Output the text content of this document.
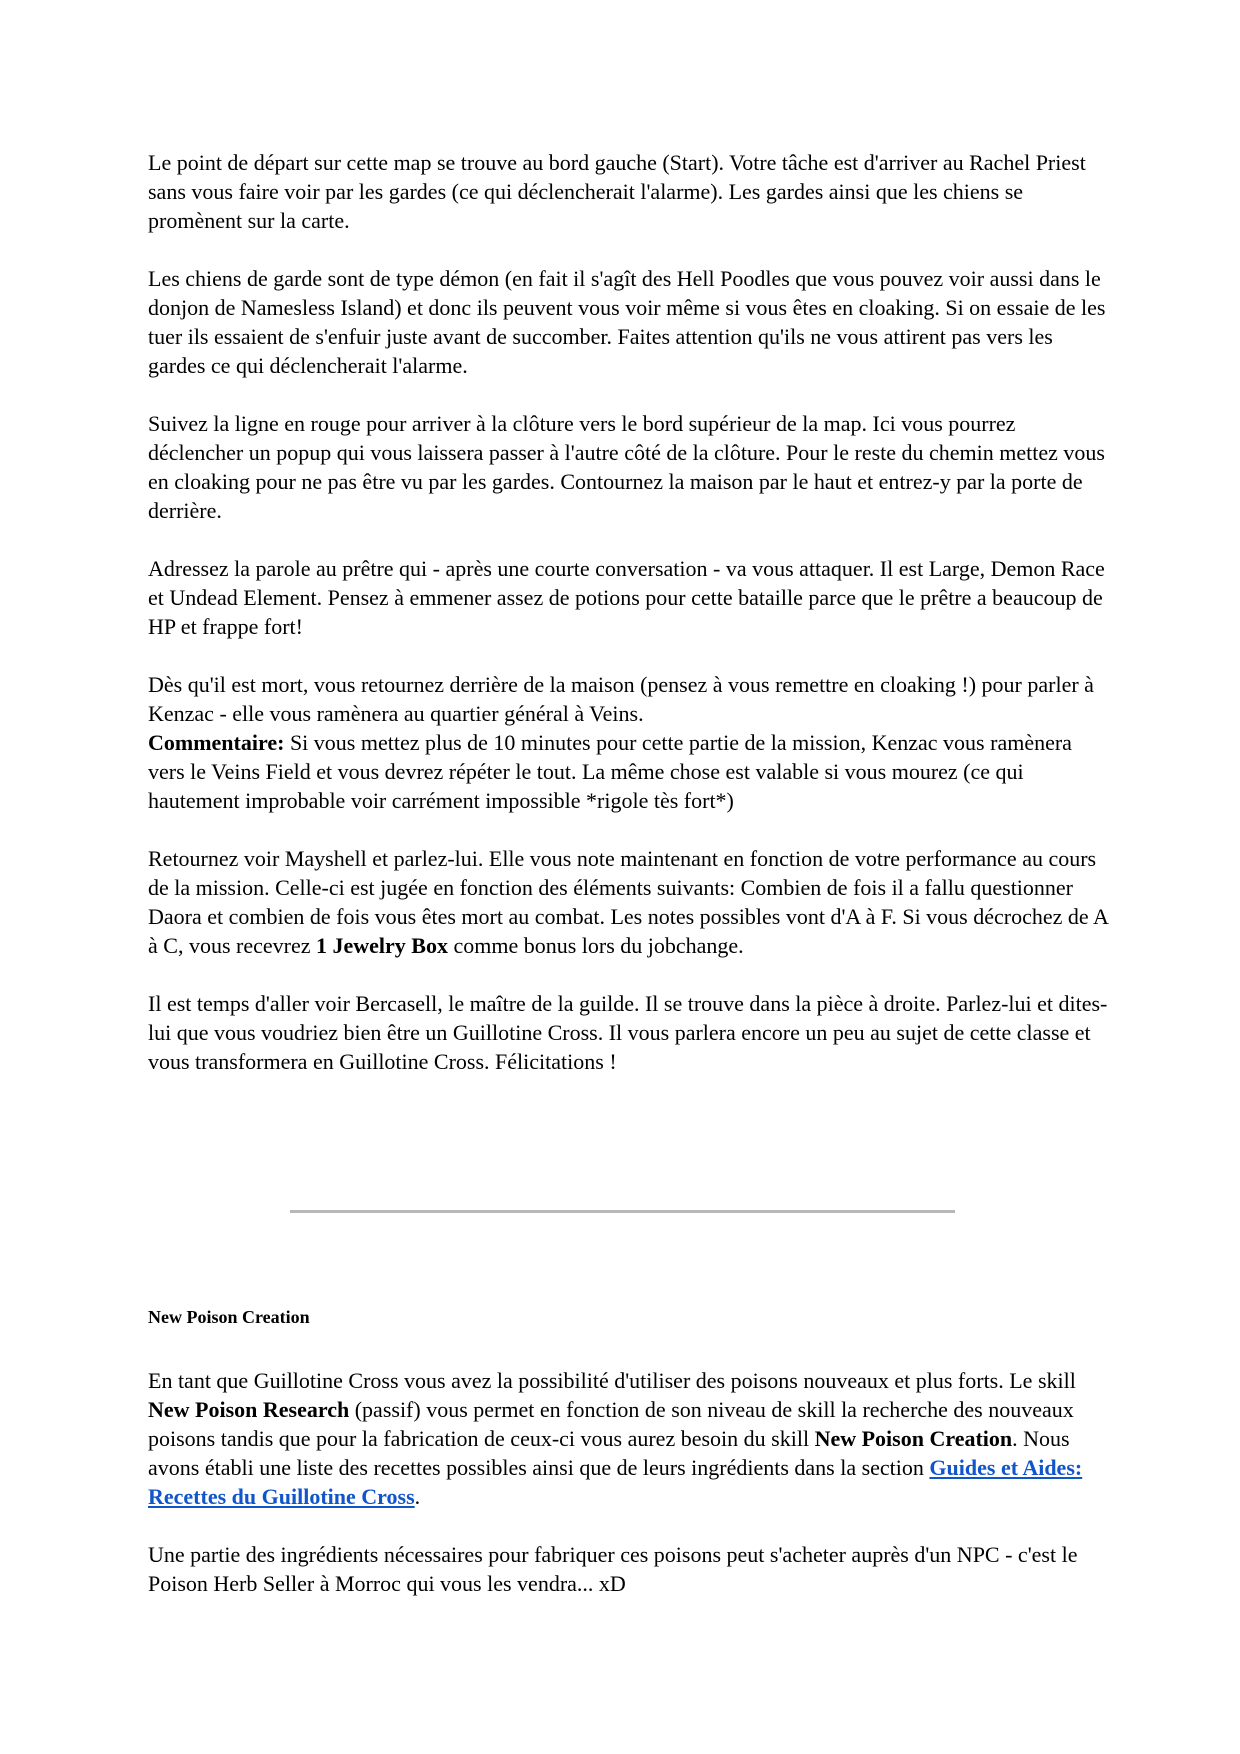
Le point de départ sur cette map se trouve au bord gauche (Start). Votre tâche est d'arriver au Rachel Priest sans vous faire voir par les gardes (ce qui déclencherait l'alarme). Les gardes ainsi que les chiens se promènent sur la carte.

Les chiens de garde sont de type démon (en fait il s'agît des Hell Poodles que vous pouvez voir aussi dans le donjon de Namesless Island) et donc ils peuvent vous voir même si vous êtes en cloaking. Si on essaie de les tuer ils essaient de s'enfuir juste avant de succomber. Faites attention qu'ils ne vous attirent pas vers les gardes ce qui déclencherait l'alarme.

Suivez la ligne en rouge pour arriver à la clôture vers le bord supérieur de la map. Ici vous pourrez déclencher un popup qui vous laissera passer à l'autre côté de la clôture. Pour le reste du chemin mettez vous en cloaking pour ne pas être vu par les gardes. Contournez la maison par le haut et entrez-y par la porte de derrière.

Adressez la parole au prêtre qui - après une courte conversation - va vous attaquer. Il est Large, Demon Race et Undead Element. Pensez à emmener assez de potions pour cette bataille parce que le prêtre a beaucoup de HP et frappe fort!

Dès qu'il est mort, vous retournez derrière de la maison (pensez à vous remettre en cloaking !) pour parler à Kenzac - elle vous ramènera au quartier général à Veins.
Commentaire: Si vous mettez plus de 10 minutes pour cette partie de la mission, Kenzac vous ramènera vers le Veins Field et vous devrez répéter le tout. La même chose est valable si vous mourez (ce qui hautement improbable voir carrément impossible *rigole tès fort*)

Retournez voir Mayshell et parlez-lui. Elle vous note maintenant en fonction de votre performance au cours de la mission. Celle-ci est jugée en fonction des éléments suivants: Combien de fois il a fallu questionner Daora et combien de fois vous êtes mort au combat. Les notes possibles vont d'A à F. Si vous décrochez de A à C, vous recevrez 1 Jewelry Box comme bonus lors du jobchange.

Il est temps d'aller voir Bercasell, le maître de la guilde. Il se trouve dans la pièce à droite. Parlez-lui et dites-lui que vous voudriez bien être un Guillotine Cross. Il vous parlera encore un peu au sujet de cette classe et vous transformera en Guillotine Cross. Félicitations !

New Poison Creation

En tant que Guillotine Cross vous avez la possibilité d'utiliser des poisons nouveaux et plus forts. Le skill New Poison Research (passif) vous permet en fonction de son niveau de skill la recherche des nouveaux poisons tandis que pour la fabrication de ceux-ci vous aurez besoin du skill New Poison Creation. Nous avons établi une liste des recettes possibles ainsi que de leurs ingrédients dans la section Guides et Aides: Recettes du Guillotine Cross.

Une partie des ingrédients nécessaires pour fabriquer ces poisons peut s'acheter auprès d'un NPC - c'est le Poison Herb Seller à Morroc qui vous les vendra... xD
